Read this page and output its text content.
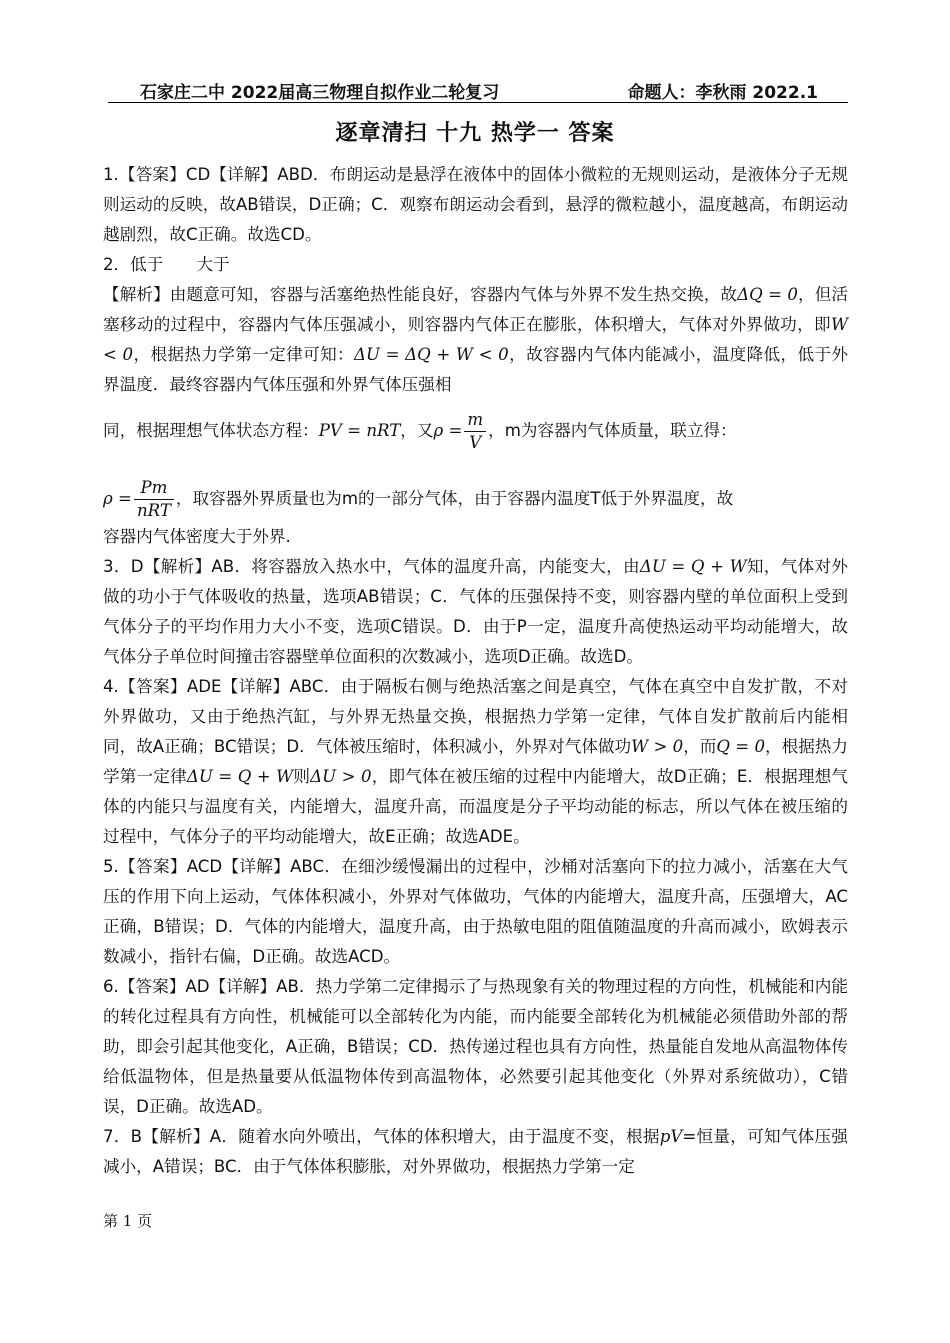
石家庄二中 2022届高三物理自拟作业二轮复习	命题人：李秋雨 2022.1
逐章清扫 十九 热学一 答案

1.【答案】CD【详解】ABD．布朗运动是悬浮在液体中的固体小微粒的无规则运动，是液体分子无规则运动的反映，故AB错误，D正确；C．观察布朗运动会看到，悬浮的微粒越小，温度越高，布朗运动越剧烈，故C正确。故选CD。

2．低于　　大于

【解析】由题意可知，容器与活塞绝热性能良好，容器内气体与外界不发生热交换，故ΔQ = 0，但活塞移动的过程中，容器内气体压强减小，则容器内气体正在膨胀，体积增大，气体对外界做功，即W < 0，根据热力学第一定律可知：ΔU = ΔQ + W < 0，故容器内气体内能减小，温度降低，低于外界温度．最终容器内气体压强和外界气体压强相

同，根据理想气体状态方程：PV = nRT，又$\rho = \frac{m}{V}$ ，m为容器内气体质量，联立得：

$\rho = \frac{Pm}{\text{nRT}}$ ，取容器外界质量也为m的一部分气体，由于容器内温度T低于外界温度，故

容器内气体密度大于外界.

3．D【解析】AB．将容器放入热水中，气体的温度升高，内能变大，由ΔU = Q + W知，气体对外做的功小于气体吸收的热量，选项AB错误；C．气体的压强保持不变，则容器内壁的单位面积上受到气体分子的平均作用力大小不变，选项C错误。D．由于P一定，温度升高使热运动平均动能增大，故气体分子单位时间撞击容器壁单位面积的次数减小，选项D正确。故选D。

4.【答案】ADE【详解】ABC．由于隔板右侧与绝热活塞之间是真空，气体在真空中自发扩散，不对外界做功，又由于绝热汽缸，与外界无热量交换，根据热力学第一定律，气体自发扩散前后内能相同，故A正确；BC错误；D．气体被压缩时，体积减小，外界对气体做功W > 0，而Q = 0，根据热力学第一定律ΔU = Q + W则ΔU > 0，即气体在被压缩的过程中内能增大，故D正确；E．根据理想气体的内能只与温度有关，内能增大，温度升高，而温度是分子平均动能的标志，所以气体在被压缩的过程中，气体分子的平均动能增大，故E正确；故选ADE。

5.【答案】ACD【详解】ABC．在细沙缓慢漏出的过程中，沙桶对活塞向下的拉力减小，活塞在大气压的作用下向上运动，气体体积减小，外界对气体做功，气体的内能增大，温度升高，压强增大，AC正确，B错误；D．气体的内能增大，温度升高，由于热敏电阻的阻值随温度的升高而减小，欧姆表示数减小，指针右偏，D正确。故选ACD。

6.【答案】AD【详解】AB．热力学第二定律揭示了与热现象有关的物理过程的方向性，机械能和内能的转化过程具有方向性，机械能可以全部转化为内能，而内能要全部转化为机械能必须借助外部的帮助，即会引起其他变化，A正确，B错误；CD．热传递过程也具有方向性，热量能自发地从高温物体传给低温物体，但是热量要从低温物体传到高温物体，必然要引起其他变化（外界对系统做功），C错误，D正确。故选AD。

7．B【解析】A．随着水向外喷出，气体的体积增大，由于温度不变，根据pV=恒量，可知气体压强减小，A错误；BC．由于气体体积膨胀，对外界做功，根据热力学第一定

第 1 页
